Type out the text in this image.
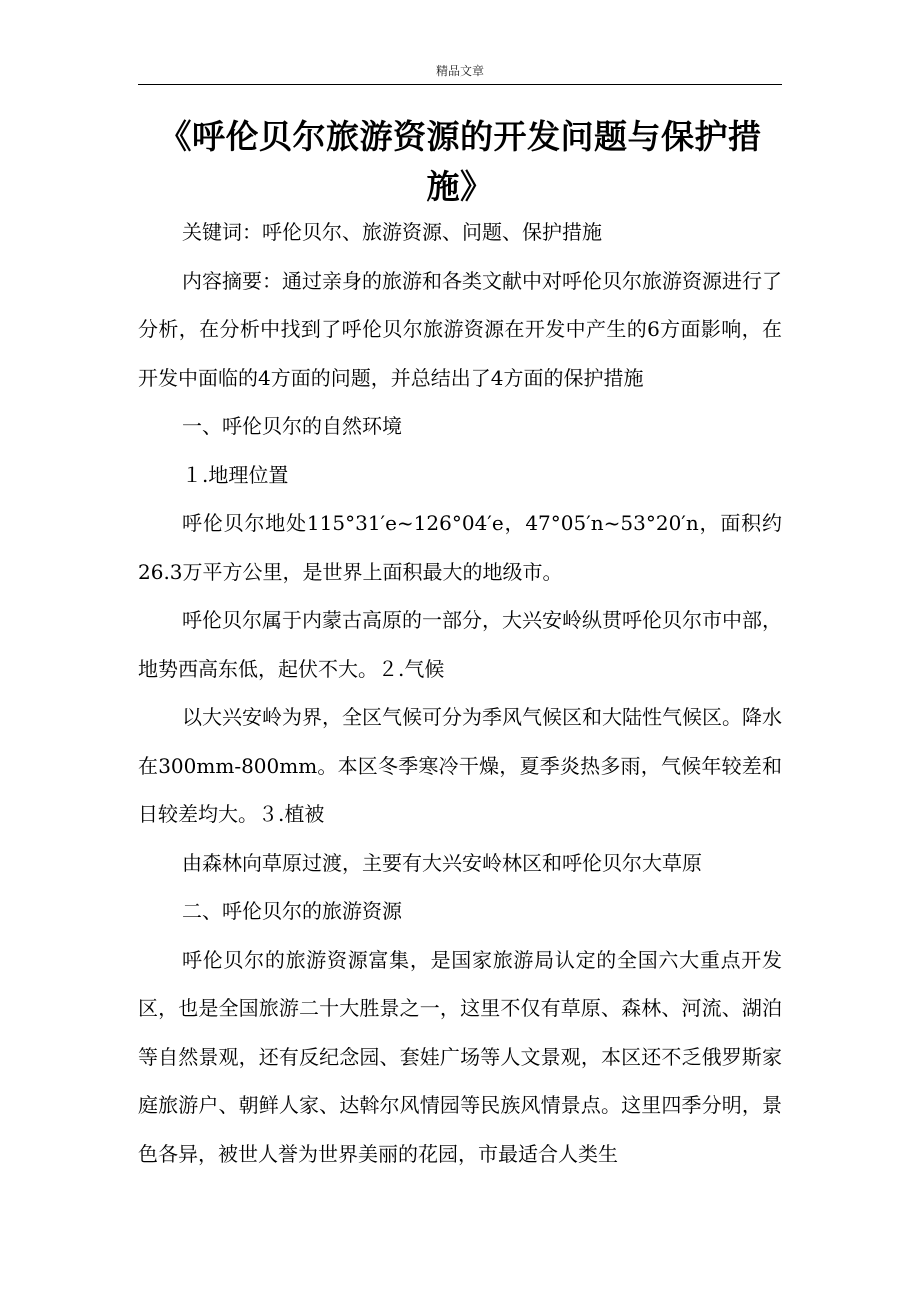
精品文章
《呼伦贝尔旅游资源的开发问题与保护措施》

关键词：呼伦贝尔、旅游资源、问题、保护措施

内容摘要：通过亲身的旅游和各类文献中对呼伦贝尔旅游资源进行了分析，在分析中找到了呼伦贝尔旅游资源在开发中产生的6方面影响，在开发中面临的4方面的问题，并总结出了4方面的保护措施

一、呼伦贝尔的自然环境

１.地理位置

呼伦贝尔地处115°31′e~126°04′e，47°05′n~53°20′n，面积约26.3万平方公里，是世界上面积最大的地级市。

呼伦贝尔属于内蒙古高原的一部分，大兴安岭纵贯呼伦贝尔市中部，地势西高东低，起伏不大。２.气候

以大兴安岭为界，全区气候可分为季风气候区和大陆性气候区。降水在300mm-800mm。本区冬季寒冷干燥，夏季炎热多雨，气候年较差和日较差均大。３.植被

由森林向草原过渡，主要有大兴安岭林区和呼伦贝尔大草原

二、呼伦贝尔的旅游资源

呼伦贝尔的旅游资源富集，是国家旅游局认定的全国六大重点开发区，也是全国旅游二十大胜景之一，这里不仅有草原、森林、河流、湖泊等自然景观，还有反纪念园、套娃广场等人文景观，本区还不乏俄罗斯家庭旅游户、朝鲜人家、达斡尔风情园等民族风情景点。这里四季分明，景色各异，被世人誉为世界美丽的花园，市最适合人类生
